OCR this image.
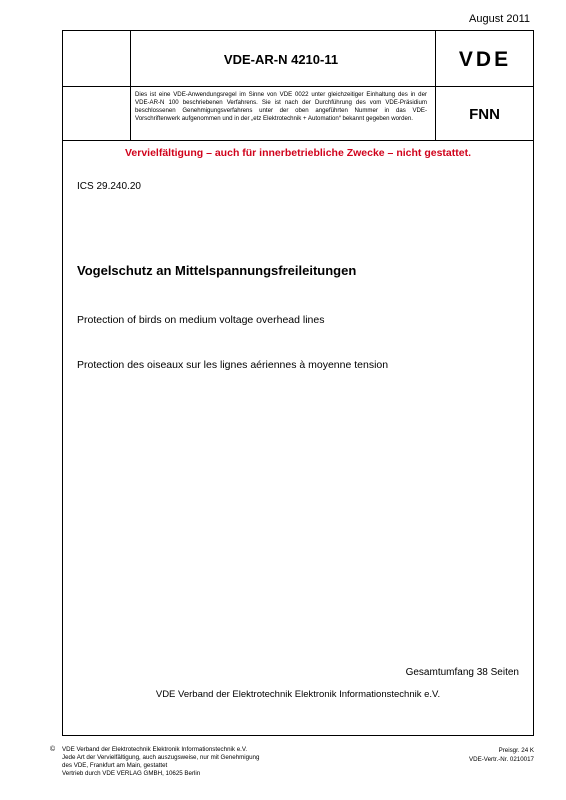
August 2011
VDE-AR-N 4210-11	VDE
Dies ist eine VDE-Anwendungsregel im Sinne von VDE 0022 unter gleichzeitiger Einhaltung des in der VDE-AR-N 100 beschriebenen Verfahrens. Sie ist nach der Durchführung des vom VDE-Präsidium beschlossenen Genehmigungsverfahrens unter der oben angeführten Nummer in das VDE-Vorschriftenwerk aufgenommen und in der „etz Elektrotechnik + Automation“ bekannt gegeben worden.	FNN
Vervielfältigung – auch für innerbetriebliche Zwecke – nicht gestattet.
ICS 29.240.20
Vogelschutz an Mittelspannungsfreileitungen
Protection of birds on medium voltage overhead lines
Protection des oiseaux sur les lignes aériennes à moyenne tension
Gesamtumfang 38 Seiten
VDE Verband der Elektrotechnik Elektronik Informationstechnik e.V.
© VDE Verband der Elektrotechnik Elektronik Informationstechnik e.V.
Jede Art der Vervielfältigung, auch auszugsweise, nur mit Genehmigung
des VDE, Frankfurt am Main, gestattet
Vertrieb durch VDE VERLAG GMBH, 10625 Berlin
Preisgr. 24 K
VDE-Vertr.-Nr. 0210017
